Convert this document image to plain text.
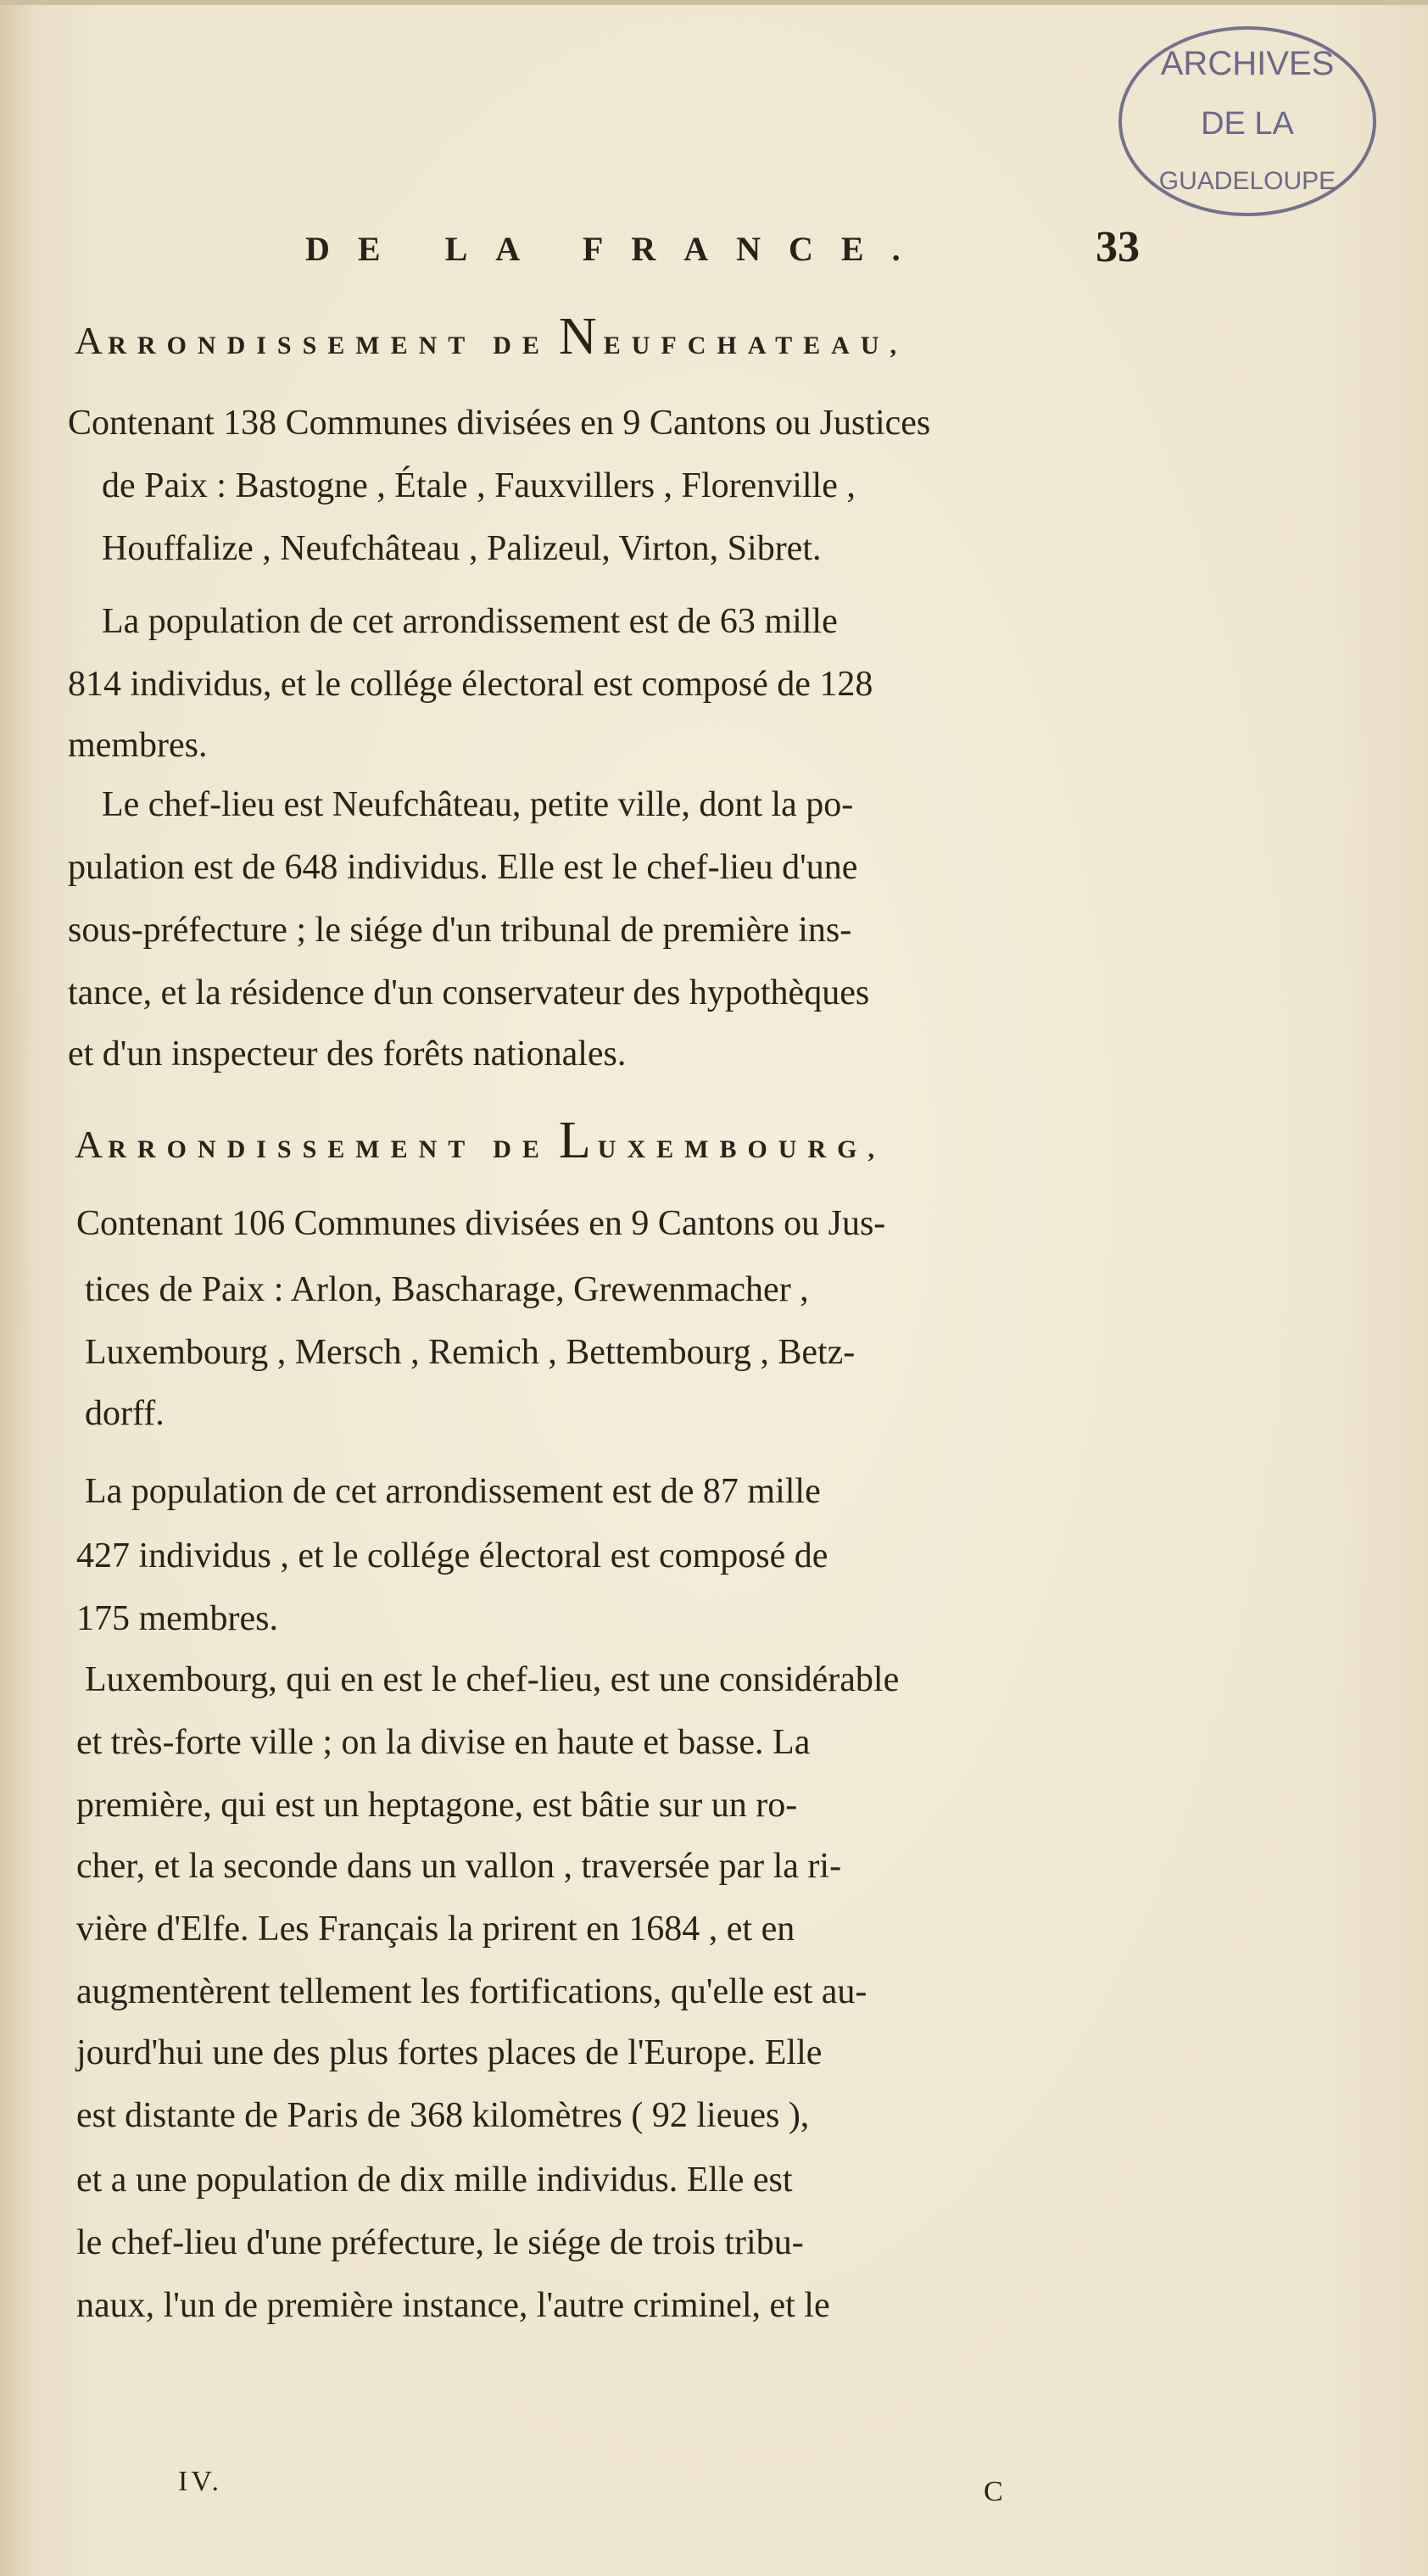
ARCHIVES
DE LA
GUADELOUPE
DE LA FRANCE.	33
ARRONDISSEMENT DE NEUFCHATEAU,
Contenant 138 Communes divisées en 9 Cantons ou Justices
de Paix : Bastogne , Étale , Fauxvillers , Florenville ,
Houffalize , Neufchâteau , Palizeul, Virton, Sibret.
La population de cet arrondissement est de 63 mille
814 individus, et le collége électoral est composé de 128
membres.
Le chef-lieu est Neufchâteau, petite ville, dont la po-
pulation est de 648 individus. Elle est le chef-lieu d'une
sous-préfecture ; le siége d'un tribunal de première ins-
tance, et la résidence d'un conservateur des hypothèques
et d'un inspecteur des forêts nationales.
ARRONDISSEMENT DE LUXEMBOURG,
Contenant 106 Communes divisées en 9 Cantons ou Jus-
tices de Paix : Arlon, Bascharage, Grewenmacher ,
Luxembourg , Mersch , Remich , Bettembourg , Betz-
dorff.
La population de cet arrondissement est de 87 mille
427 individus , et le collége électoral est composé de
175 membres.
Luxembourg, qui en est le chef-lieu, est une considérable
et très-forte ville ; on la divise en haute et basse. La
première, qui est un heptagone, est bâtie sur un ro-
cher, et la seconde dans un vallon , traversée par la ri-
vière d'Elfe. Les Français la prirent en 1684 , et en
augmentèrent tellement les fortifications, qu'elle est au-
jourd'hui une des plus fortes places de l'Europe. Elle
est distante de Paris de 368 kilomètres ( 92 lieues ),
et a une population de dix mille individus. Elle est
le chef-lieu d'une préfecture, le siége de trois tribu-
naux, l'un de première instance, l'autre criminel, et le
IV.	C
